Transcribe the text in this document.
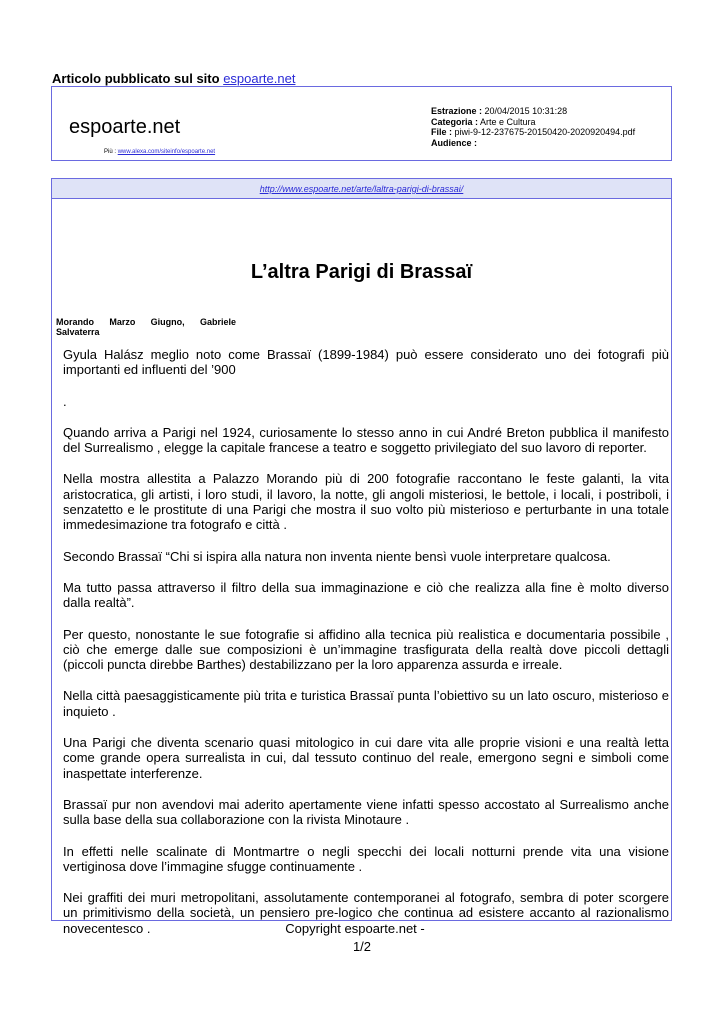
Articolo pubblicato sul sito espoarte.net
espoarte.net
Più : www.alexa.com/siteinfo/espoarte.net
Estrazione : 20/04/2015 10:31:28
Categoria : Arte e Cultura
File : piwi-9-12-237675-20150420-2020920494.pdf
Audience :
http://www.espoarte.net/arte/laltra-parigi-di-brassai/
L’altra Parigi di Brassaï
Morando Marzo Giugno, Gabriele Salvaterra

Gyula Halász meglio noto come Brassaï (1899-1984) può essere considerato uno dei fotografi più importanti ed influenti del ’900

.

Quando arriva a Parigi nel 1924, curiosamente lo stesso anno in cui André Breton pubblica il manifesto del Surrealismo , elegge la capitale francese a teatro e soggetto privilegiato del suo lavoro di reporter.

Nella mostra allestita a Palazzo Morando più di 200 fotografie raccontano le feste galanti, la vita aristocratica, gli artisti, i loro studi, il lavoro, la notte, gli angoli misteriosi, le bettole, i locali, i postriboli, i senzatetto e le prostitute di una Parigi che mostra il suo volto più misterioso e perturbante in una totale immedesimazione tra fotografo e città .

Secondo Brassaï “Chi si ispira alla natura non inventa niente bensì vuole interpretare qualcosa.

Ma tutto passa attraverso il filtro della sua immaginazione e ciò che realizza alla fine è molto diverso dalla realtà”.

Per questo, nonostante le sue fotografie si affidino alla tecnica più realistica e documentaria possibile , ciò che emerge dalle sue composizioni è un’immagine trasfigurata della realtà dove piccoli dettagli (piccoli puncta direbbe Barthes) destabilizzano per la loro apparenza assurda e irreale.

Nella città paesaggisticamente più trita e turistica Brassaï punta l’obiettivo su un lato oscuro, misterioso e inquieto .

Una Parigi che diventa scenario quasi mitologico in cui dare vita alle proprie visioni e una realtà letta come grande opera surrealista in cui, dal tessuto continuo del reale, emergono segni e simboli come inaspettate interferenze.

Brassaï pur non avendovi mai aderito apertamente viene infatti spesso accostato al Surrealismo anche sulla base della sua collaborazione con la rivista Minotaure .

In effetti nelle scalinate di Montmartre o negli specchi dei locali notturni prende vita una visione vertiginosa dove l’immagine sfugge continuamente .

Nei graffiti dei muri metropolitani, assolutamente contemporanei al fotografo, sembra di poter scorgere un primitivismo della società, un pensiero pre-logico che continua ad esistere accanto al razionalismo novecentesco .	Copyright espoarte.net -
1/2
